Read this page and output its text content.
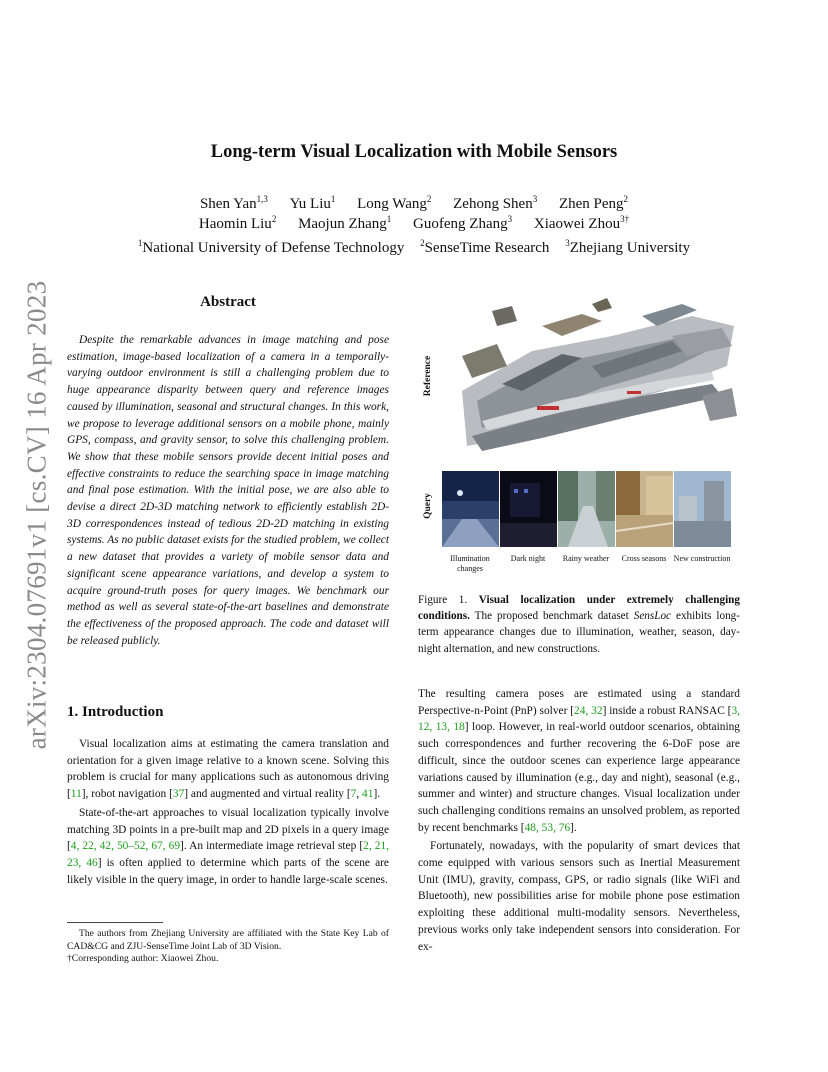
arXiv:2304.07691v1 [cs.CV] 16 Apr 2023
Long-term Visual Localization with Mobile Sensors
Shen Yan$^{1,3}$ Yu Liu$^1$ Long Wang$^2$ Zehong Shen$^3$ Zhen Peng$^2$
Haomin Liu$^2$ Maojun Zhang$^1$ Guofeng Zhang$^3$ Xiaowei Zhou$^{3\dagger}$
$^1$National University of Defense Technology $^2$SenseTime Research $^3$Zhejiang University
Abstract
Despite the remarkable advances in image matching and pose estimation, image-based localization of a camera in a temporally-varying outdoor environment is still a challenging problem due to huge appearance disparity between query and reference images caused by illumination, seasonal and structural changes. In this work, we propose to leverage additional sensors on a mobile phone, mainly GPS, compass, and gravity sensor, to solve this challenging problem. We show that these mobile sensors provide decent initial poses and effective constraints to reduce the searching space in image matching and final pose estimation. With the initial pose, we are also able to devise a direct 2D-3D matching network to efficiently establish 2D-3D correspondences instead of tedious 2D-2D matching in existing systems. As no public dataset exists for the studied problem, we collect a new dataset that provides a variety of mobile sensor data and significant scene appearance variations, and develop a system to acquire ground-truth poses for query images. We benchmark our method as well as several state-of-the-art baselines and demonstrate the effectiveness of the proposed approach. The code and dataset will be released publicly.
1. Introduction

Visual localization aims at estimating the camera translation and orientation for a given image relative to a known scene. Solving this problem is crucial for many applications such as autonomous driving [11], robot navigation [37] and augmented and virtual reality [7, 41].

State-of-the-art approaches to visual localization typically involve matching 3D points in a pre-built map and 2D pixels in a query image [4, 22, 42, 50–52, 67, 69]. An intermediate image retrieval step [2, 21, 23, 46] is often applied to determine which parts of the scene are likely visible in the query image, in order to handle large-scale scenes.

The authors from Zhejiang University are affiliated with the State Key Lab of CAD&CG and ZJU-SenseTime Joint Lab of 3D Vision.

†Corresponding author: Xiaowei Zhou.

Reference
Query
Illumination changes
Dark night	Rainy weather	Cross seasons New construction
Figure 1. Visual localization under extremely challenging conditions. The proposed benchmark dataset SensLoc exhibits long-term appearance changes due to illumination, weather, season, day-night alternation, and new constructions.

The resulting camera poses are estimated using a standard Perspective-n-Point (PnP) solver [24, 32] inside a robust RANSAC [3, 12, 13, 18] loop. However, in real-world outdoor scenarios, obtaining such correspondences and further recovering the 6-DoF pose are difficult, since the outdoor scenes can experience large appearance variations caused by illumination (e.g., day and night), seasonal (e.g., summer and winter) and structure changes. Visual localization under such challenging conditions remains an unsolved problem, as reported by recent benchmarks [48, 53, 76].

Fortunately, nowadays, with the popularity of smart devices that come equipped with various sensors such as Inertial Measurement Unit (IMU), gravity, compass, GPS, or radio signals (like WiFi and Bluetooth), new possibilities arise for mobile phone pose estimation exploiting these additional multi-modality sensors. Nevertheless, previous works only take independent sensors into consideration. For ex-
